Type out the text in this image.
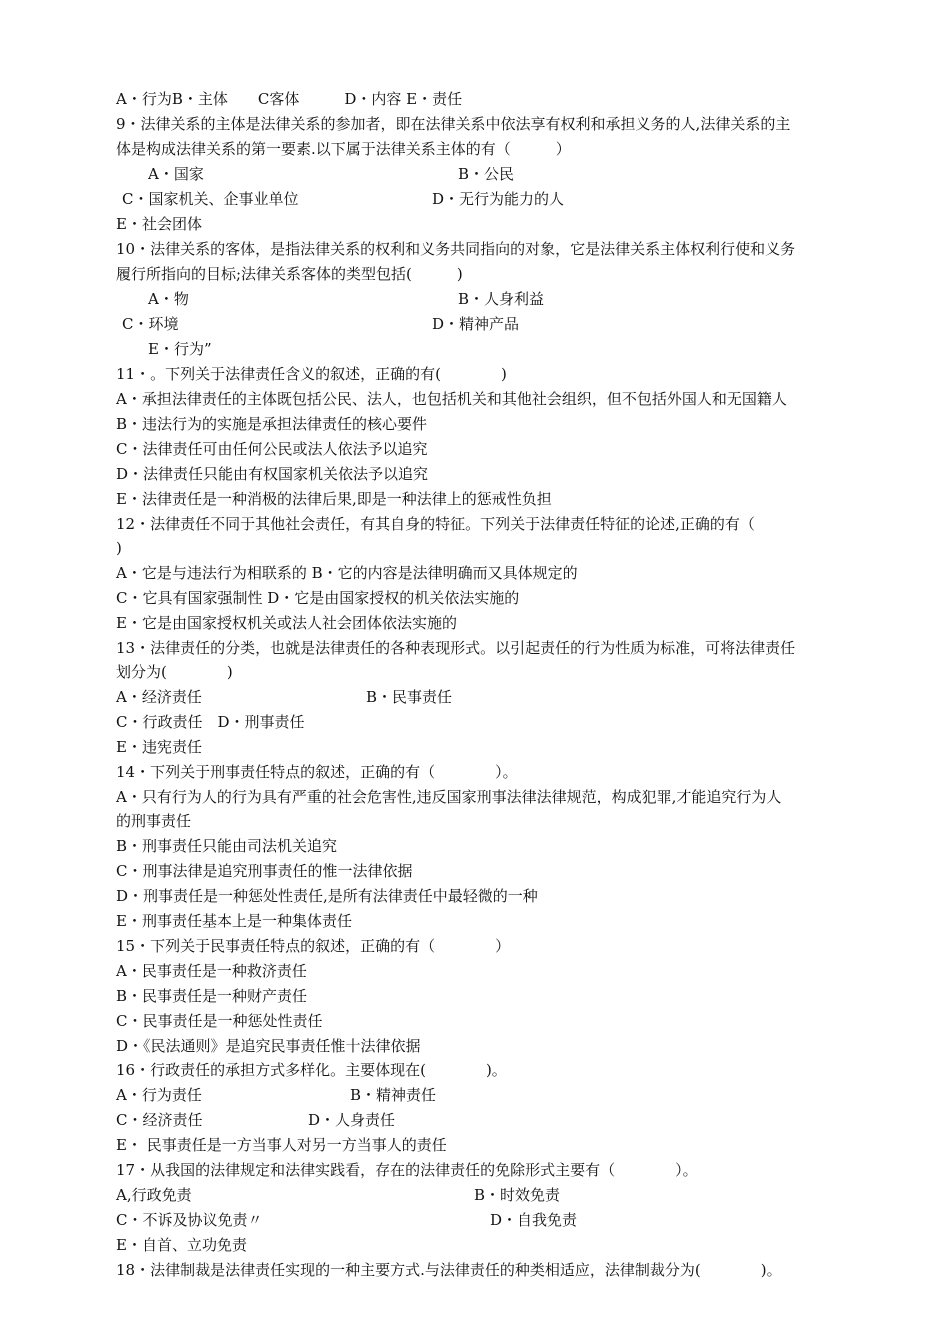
A・行为B・主体　　C客体　　　D・内容 E・责任
9・法律关系的主体是法律关系的参加者，即在法律关系中依法享有权利和承担义务的人,法律关系的主
体是构成法律关系的第一要素.以下属于法律关系主体的有（　　　）
A・国家	B・公民
C・国家机关、企事业单位	D・无行为能力的人
E・社会团体
10・法律关系的客体，是指法律关系的权利和义务共同指向的对象，它是法律关系主体权利行使和义务
履行所指向的目标;法律关系客体的类型包括(　　　)
A・物	B・人身利益
C・环境	D・精神产品
E・行为”
11・。下列关于法律责任含义的叙述，正确的有(　　　　)
A・承担法律责任的主体既包括公民、法人，也包括机关和其他社会组织，但不包括外国人和无国籍人
B・违法行为的实施是承担法律责任的核心要件
C・法律责任可由任何公民或法人依法予以追究
D・法律责任只能由有权国家机关依法予以追究
E・法律责任是一种消极的法律后果,即是一种法律上的惩戒性负担
12・法律责任不同于其他社会责任，有其自身的特征。下列关于法律责任特征的论述,正确的有（
)
A・它是与违法行为相联系的 B・它的内容是法律明确而又具体规定的
C・它具有国家强制性 D・它是由国家授权的机关依法实施的
E・它是由国家授权机关或法人社会团体依法实施的
13・法律责任的分类，也就是法律责任的各种表现形式。以引起责任的行为性质为标准，可将法律责任
划分为(　　　　)
A・经济责任	B・民事责任
C・行政责任　D・刑事责任
E・违宪责任
14・下列关于刑事责任特点的叙述，正确的有（　　　　）。
A・只有行为人的行为具有严重的社会危害性,违反国家刑事法律法律规范，构成犯罪,才能追究行为人
的刑事责任
B・刑事责任只能由司法机关追究
C・刑事法律是追究刑事责任的惟一法律依据
D・刑事责任是一种惩处性责任,是所有法律责任中最轻微的一种
E・刑事责任基本上是一种集体责任
15・下列关于民事责任特点的叙述，正确的有（　　　　）
A・民事责任是一种救济责任
B・民事责任是一种财产责任
C・民事责任是一种惩处性责任
D・《民法通则》是追究民事责任惟十法律依据
16・行政责任的承担方式多样化。主要体现在(　　　　)。
A・行为责任	B・精神责任
C・经济责任	D・人身责任
E・ 民事责任是一方当事人对另一方当事人的责任
17・从我国的法律规定和法律实践看，存在的法律责任的免除形式主要有（　　　　）。
A,行政免责	B・时效免责
C・不诉及协议免责〃	D・自我免责
E・自首、立功免责
18・法律制裁是法律责任实现的一种主要方式.与法律责任的种类相适应，法律制裁分为(　　　　)。
